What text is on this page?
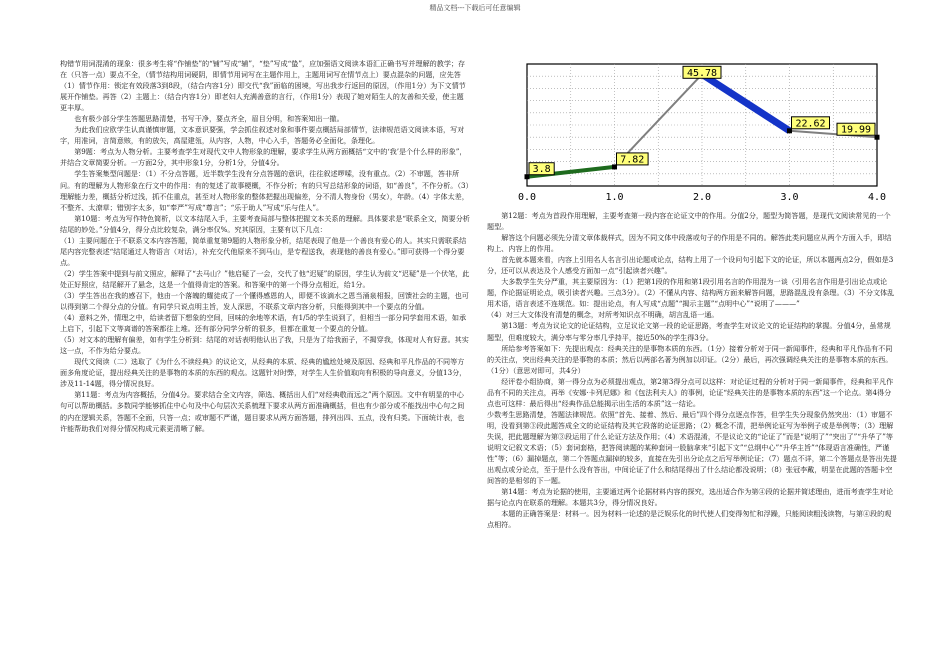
精品文档---下载后可任意编辑

构错节用词混淆的现象：很多考生将“作铺垫”的“铺”写成“辅”，“垫”写成“蛰”，应加强语文阅读本语汇正确书写并理解的教学；存在（只答一点）要点不全，（情节结构用词硬阴，即情节用词写在主题作用上，主题用词写在情节点上）要点混杂的问题，应先答（1）情节作用：锁定有效段落3到8段，（结合内容1分）即交代“我”面临的困境，写出我步行返回的原因，（作用1分）为下文情节展开作铺垫。再答（2）主题上：（结合内容1分）即老妇人充满善意的言行，（作用1分）表现了她对陌生人的友善和关爱，使主题更丰厚。

也有极少部分学生答题思路清楚，书写干净，要点齐全，眉目分明，和答案知出一撤。

为此我们应欧学生认真谨慎审题，文本意识要强，学会抓住叙述对象和事件要点概括局部情节，法律规范语文阅读本语，写对字，用准词，言简意赅，有的放矢，高屋建瓴，从内容，人物，中心入手，答题务必全面化，条理化。

第9题：考点为人物分析。主要考查学生对现代文中人物形象的理解，要求学生从两方面概括“文中的‘我’是个什么样的形象”，并结合文章简要分析。一方面2分，其中形象1分，分析1分，分值4分。

学生答案集型问题是：（1）不分点答题，近半数学生没有分点答题的意识，往往叙述啰嗦，没有重点。（2）不审题，答非所问。有的理解为人物形象在行文中的作用：有的复述了故事梗概，不作分析；有的只写总结形象的词语，如“善良”，不作分析。（3）理解能力差，概括分析过浅，抓不住重点，甚至对人物形象的整体把握出现偏差，分不清人物身份（男女），年龄。（4）字体太差，不整齐、太潦草；错别字太多，如“奉严”写成“尊言”；“乐于助人”写成“乐与佳人”。

第10题：考点为写作特色简析，以文本结尾入手，主要考查局部与整体把握文本关系的理解。具体要求是“联系全文，简要分析结尾的妙处。”分值4分，得分点比较复杂，满分率仅%。究其原因，主要有以下几点：

（1）主要问题在于不联系文本内容答题，简单重复第9题的人物形象分析，结尾表现了他是一个善良有爱心的人。其实只需联系结尾内容完整表述“结尾通过人物语言（对话），补充交代他原来不到马山，是专程送我，表现他的善良有爱心。”即可获得一个得分要点。

（2）学生答案中提到与前文照应，解释了“去马山？”他启疑了一会，交代了他“迟疑”的原因，学生认为前文“迟疑”是一个伏笔，此处正好照应，结尾解开了悬念，这是一个值得肯定的答案。和答案中的第一个得分点相近，给1分。

（3）学生答出在我的感召下，他由一个落魄的耀徒成了一个懂得感恩的人，即便不该滴水之恩当涌泉相报，回馈社会的主题，也可以得到第二个得分点的分值。有同学只说点明主旨，发人深思，不联系文章内容分析，只能得到其中一个要点的分值。

（4）意料之外，情理之中，给读者留下想象的空间，回味的余地等术语，有1/5的学生说到了，但相当一部分同学套用术语，如承上启下，引起下文等离谱的答案都往上堆。还有部分同学分析的很多，但都在重复一个要点的分值。

（5）对文本的理解有偏差，如有学生分析到：结尾的对话表明他认出了我，只是为了给我面子，不揭穿我，体现对人有好意。其实这一点，不作为给分要点。

现代文阅读（二）选取了《为什么不读经典》的议论文，从经典的本质、经典的尴尬处境及原因、经典和平凡作品的不同等方面多角度论证，提出经典关注的是事物的本质的东西的观点。这题针对时弊，对学生人生价值取向有积极的导向意义，分值13分，涉及11-14题，得分情况良好。

第11题：考点为内容概括，分值4分。要求结合全文内容，筛选、概括出人们“对经典敬而远之”两个原因。文中有明显的中心句可以帮助概括。多数同学能够抓住中心句及中心句层次关系梳理下要求从两方面准确概括，但也有少部分或不能找出中心句之间的内在逻辑关系，答题不全面，只答一点；或审题不严谨，题目要求从两方面答题，排列出四、五点，没有归类。下面统计表，也许能帮助我们对得分情况构成元素更清晰了解。

0.0	1.0	2.0	3.0	4.0
3.8
7.82
45.78
22.62
19.99

第12题：考点为首段作用理解，主要考查第一段内容在论证文中的作用。分值2分，题型为简答题，是现代文阅读常见的一个题型。

解答这个问题必须先分清文章体裁样式，因为不同文体中段落或句子的作用是不同的。解答此类问题应从两个方面入手，即结构上、内容上的作用。

首先就本题来看，内容上引用名人名言引出论题或论点，结构上用了一个设问句引起下文的论证，所以本题两点2分，假如是3分，还可以从表达及个人感受方面加一点“引起读者兴趣”。

大多数学生失分严重，其主要原因为：（1）把第1段的作用和第1段引用名言的作用混为一谈（引用名言作用是引出论点或论题，作论据证明论点，吸引读者兴趣。三点3分）。（2）不懂从内容、结构两方面来解答问题，思路混乱没有条理。（3）不分文体乱用术语，语言表述不连规范。如：提出论点，有人写成“点题”“揭示主题”“点明中心”“说明了———”

（4）对三大文体没有清楚的概念，对所考知识点不明确，胡言乱语一通。

第13题：考点为议论文的论证结构，立足议论文第一段的论证思路，考查学生对议论文的论证结构的掌握。分值4分，虽常规题型，但难度较大，满分率与零分率几乎持平，接近50%的学生得3分。

所给参考答案如下：先提出观点：经典关注的是事物本质的东西。（1分）接着分析对于同一新闻事件，经典和平凡作品有不同的关注点，突出经典关注的是事物的本质；然后以两部名著为例加以印证。（2分）最后，再次强调经典关注的是事物本质的东西。（1分）（意思对即可，共4分）

经评卷小组协商，第一得分点为必须提出观点，第2第3得分点可以这样：对论证过程的分析对于同一新闻事件，经典和平凡作品有不同的关注点，再举《安娜·卡列尼娜》和《包法利夫人》的事例，论证“经典关注的是事物本质的东西”这一个论点。第4得分点也可这样：最后得出“经典作品总能揭示出生活的本质”这一结论。

少数考生思路清楚，答题法律规范。依照“首先、接着、然后、最后”四个得分点逐点作答，但学生失分现象仍然突出：（1）审题不明，没看到第③段此题答成全文的论证结构及其它段落的论证思路；（2）概念不清，把举例论证写为举例子或是举例等；（3）理解失误，把此题理解为第③段运用了什么论证方法及作用；（4）术语混淆，不是议论文的“论证了”而是“说明了”“突出了”“升华了”等说明文记叙文术语；（5）套词套格，把答阅读题的某种套词一股脑拿来“引起下文”“总纲中心”“升华主旨”“体现语言准确性，严谨性”等；（6）漏掉题点，第二个答题点漏掉的较多，直接在先引出分论点之后写举例论证；（7）题点不详，第二个答题点是答出先提出观点或分论点，至于是什么没有答出，中间论证了什么和结尾得出了什么结论都没说明；（8）张冠李戴，明显在此题的答题卡空间答的是相邻的下一题。

第14题：考点为论据的使用，主要通过两个论据材料内容的探究，选出适合作为第④段的论据并简述理由，进而考查学生对论据与论点内在联系的理解。本题共3分，得分情况良好。

本题的正确答案是：材料一。因为材料一论述的是泛娱乐化的时代使人们变得匆忙和浮躁，只能阅读粗浅读物，与第④段的观点相符。
